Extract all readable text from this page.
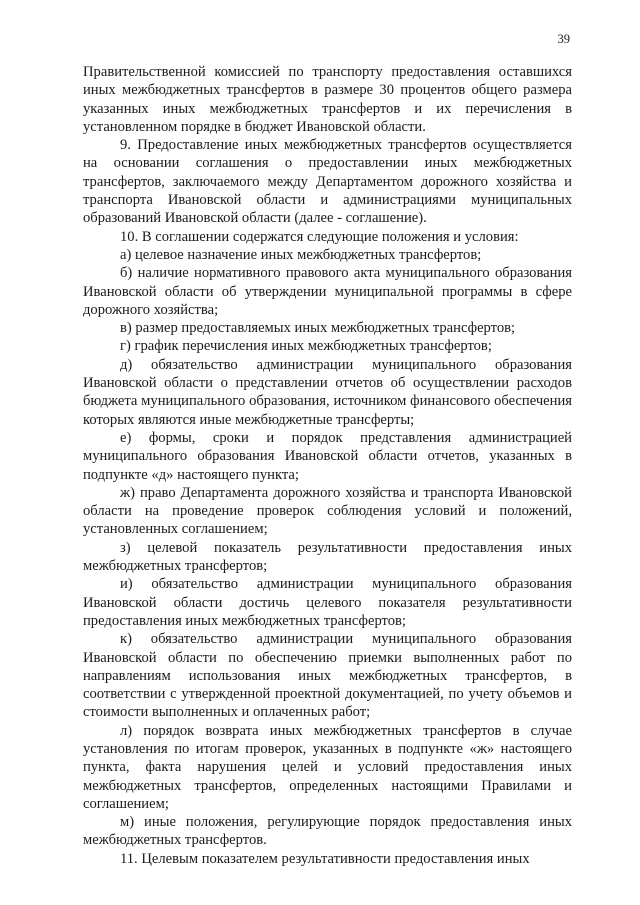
39

Правительственной комиссией по транспорту предоставления оставшихся иных межбюджетных трансфертов в размере 30 процентов общего размера указанных иных межбюджетных трансфертов и их перечисления в установленном порядке в бюджет Ивановской области.

9. Предоставление иных межбюджетных трансфертов осуществляется на основании соглашения о предоставлении иных межбюджетных трансфертов, заключаемого между Департаментом дорожного хозяйства и транспорта Ивановской области и администрациями муниципальных образований Ивановской области (далее - соглашение).

10. В соглашении содержатся следующие положения и условия:

а) целевое назначение иных межбюджетных трансфертов;

б) наличие нормативного правового акта муниципального образования Ивановской области об утверждении муниципальной программы в сфере дорожного хозяйства;

в) размер предоставляемых иных межбюджетных трансфертов;

г) график перечисления иных межбюджетных трансфертов;

д) обязательство администрации муниципального образования Ивановской области о представлении отчетов об осуществлении расходов бюджета муниципального образования, источником финансового обеспечения которых являются иные межбюджетные трансферты;

е) формы, сроки и порядок представления администрацией муниципального образования Ивановской области отчетов, указанных в подпункте «д» настоящего пункта;

ж) право Департамента дорожного хозяйства и транспорта Ивановской области на проведение проверок соблюдения условий и положений, установленных соглашением;

з) целевой показатель результативности предоставления иных межбюджетных трансфертов;

и) обязательство администрации муниципального образования Ивановской области достичь целевого показателя результативности предоставления иных межбюджетных трансфертов;

к) обязательство администрации муниципального образования Ивановской области по обеспечению приемки выполненных работ по направлениям использования иных межбюджетных трансфертов, в соответствии с утвержденной проектной документацией, по учету объемов и стоимости выполненных и оплаченных работ;

л) порядок возврата иных межбюджетных трансфертов в случае установления по итогам проверок, указанных в подпункте «ж» настоящего пункта, факта нарушения целей и условий предоставления иных межбюджетных трансфертов, определенных настоящими Правилами и соглашением;

м) иные положения, регулирующие порядок предоставления иных межбюджетных трансфертов.

11. Целевым показателем результативности предоставления иных
